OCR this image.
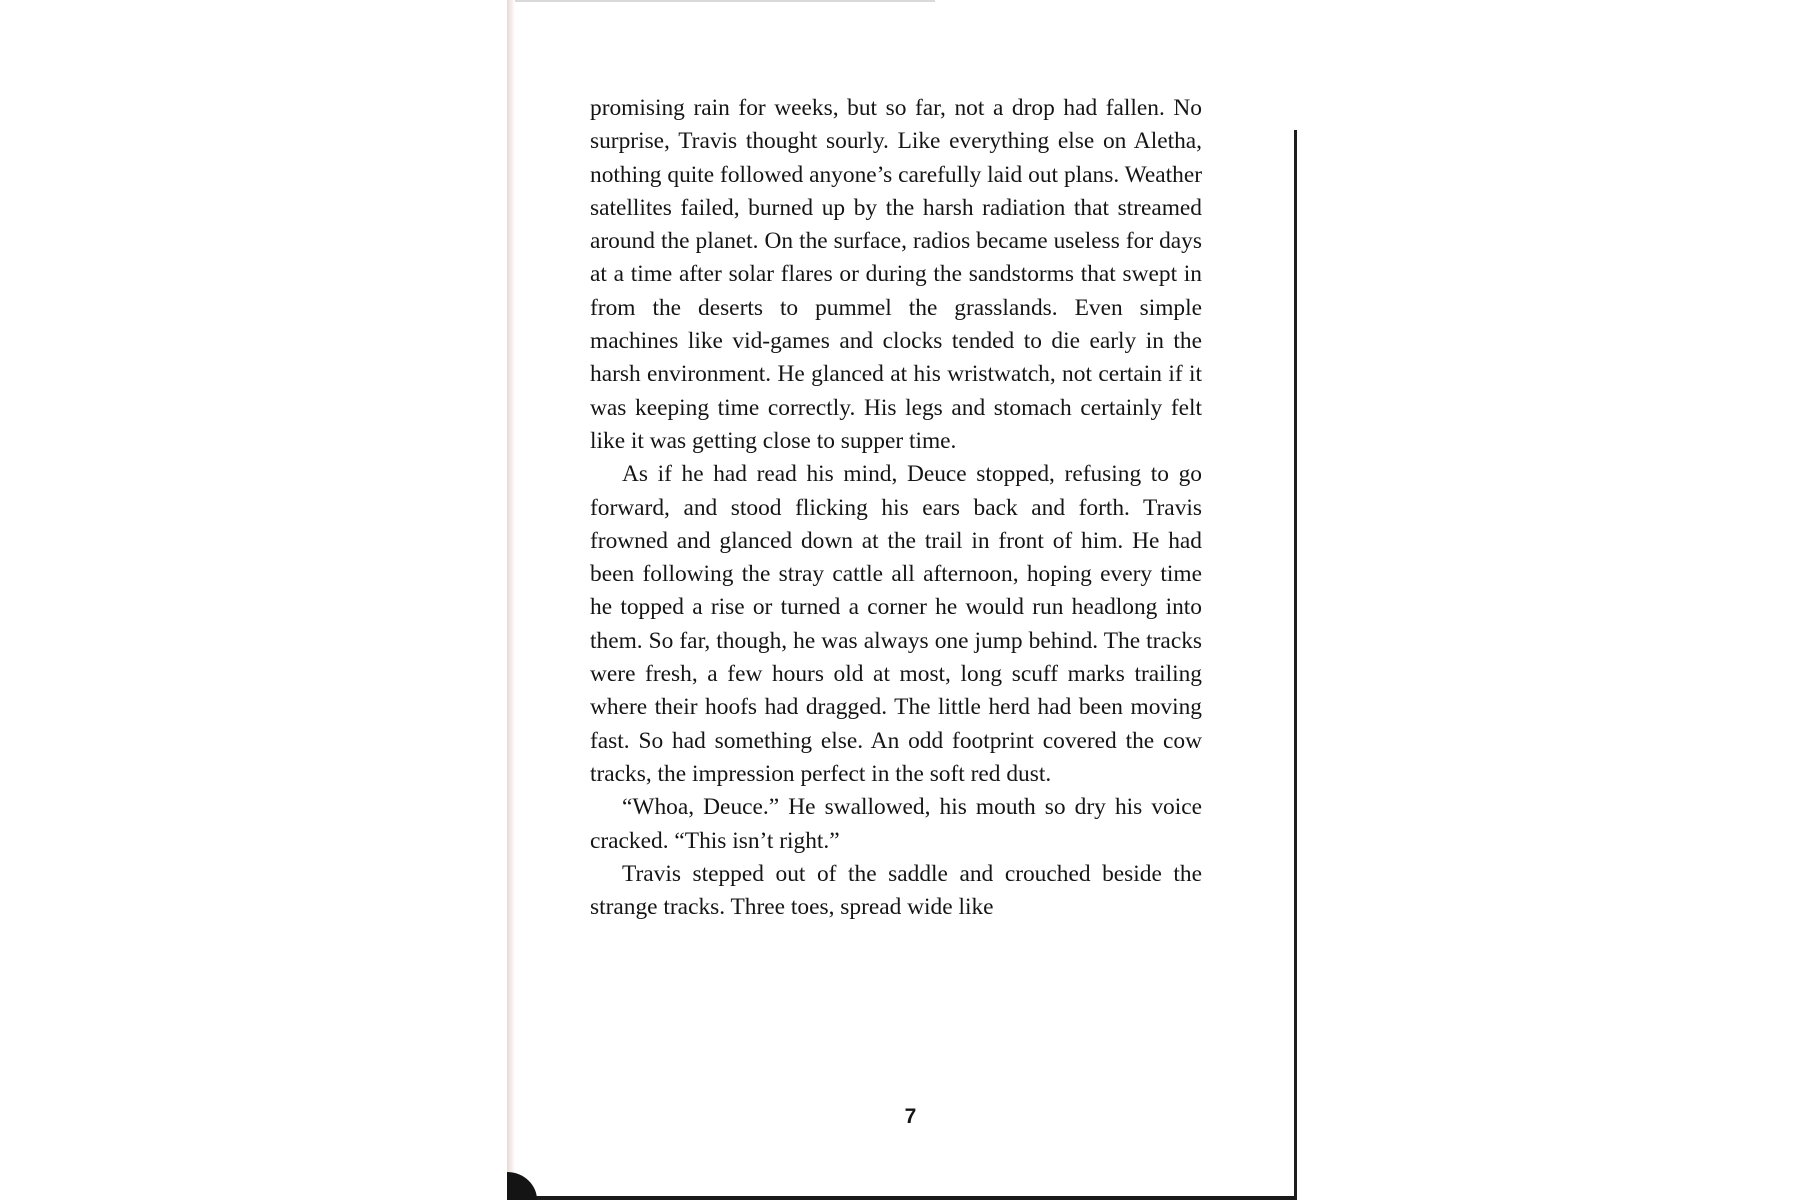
promising rain for weeks, but so far, not a drop had fallen. No surprise, Travis thought sourly. Like everything else on Aletha, nothing quite followed anyone’s carefully laid out plans. Weather satellites failed, burned up by the harsh radiation that streamed around the planet. On the surface, radios became useless for days at a time after solar flares or during the sandstorms that swept in from the deserts to pummel the grasslands. Even simple machines like vid-games and clocks tended to die early in the harsh environment. He glanced at his wristwatch, not certain if it was keeping time correctly. His legs and stomach certainly felt like it was getting close to supper time.

As if he had read his mind, Deuce stopped, refusing to go forward, and stood flicking his ears back and forth. Travis frowned and glanced down at the trail in front of him. He had been following the stray cattle all afternoon, hoping every time he topped a rise or turned a corner he would run headlong into them. So far, though, he was always one jump behind. The tracks were fresh, a few hours old at most, long scuff marks trailing where their hoofs had dragged. The little herd had been moving fast. So had something else. An odd footprint covered the cow tracks, the impression perfect in the soft red dust.

“Whoa, Deuce.” He swallowed, his mouth so dry his voice cracked. “This isn’t right.”

Travis stepped out of the saddle and crouched beside the strange tracks. Three toes, spread wide like

7
